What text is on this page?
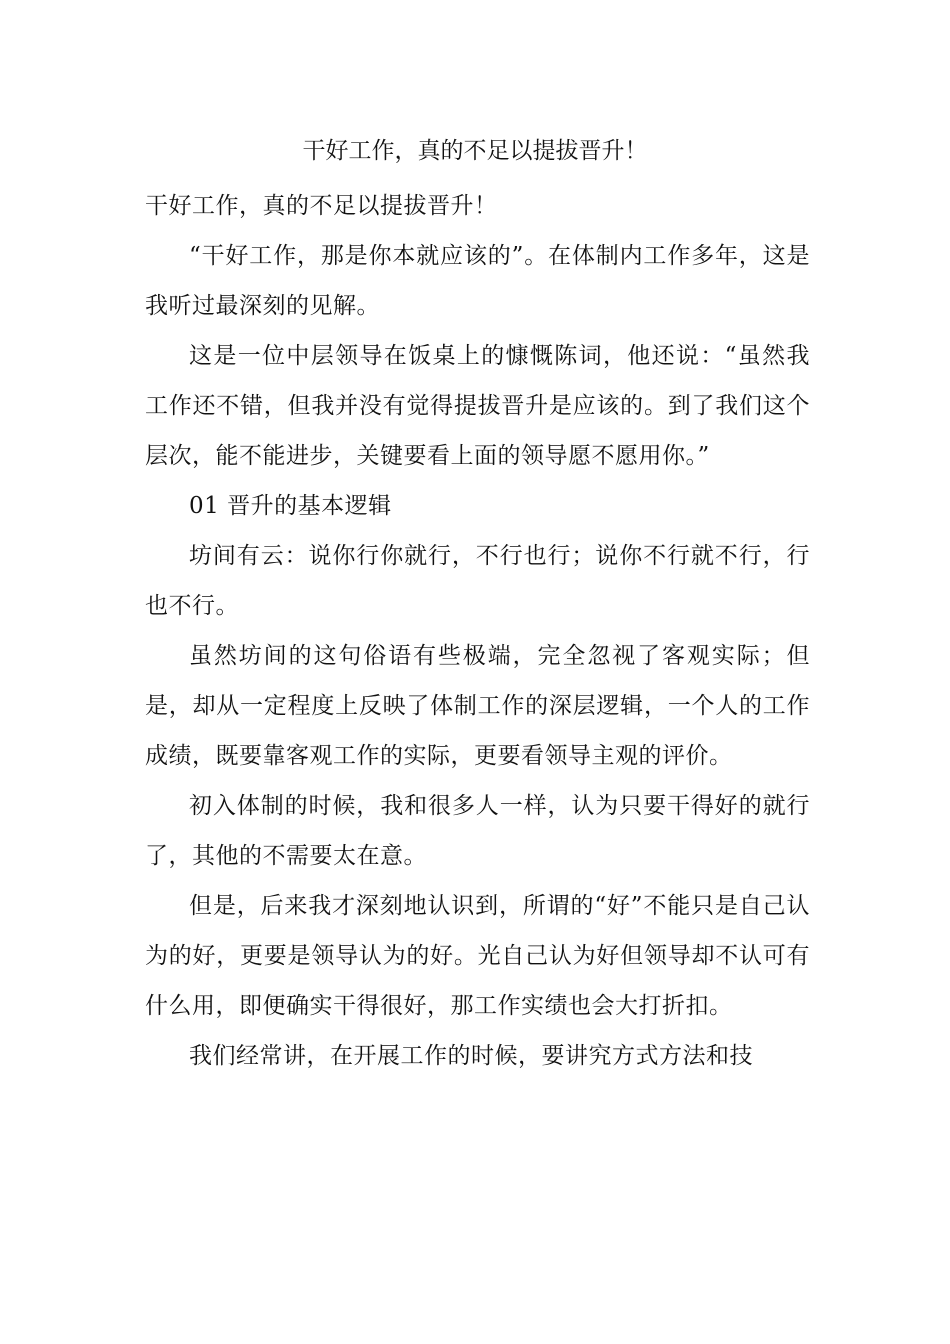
干好工作，真的不足以提拔晋升！

干好工作，真的不足以提拔晋升！

“干好工作，那是你本就应该的”。在体制内工作多年，这是我听过最深刻的见解。

这是一位中层领导在饭桌上的慷慨陈词，他还说：“虽然我工作还不错，但我并没有觉得提拔晋升是应该的。到了我们这个层次，能不能进步，关键要看上面的领导愿不愿用你。”

01 晋升的基本逻辑

坊间有云：说你行你就行，不行也行；说你不行就不行，行也不行。

虽然坊间的这句俗语有些极端，完全忽视了客观实际；但是，却从一定程度上反映了体制工作的深层逻辑，一个人的工作成绩，既要靠客观工作的实际，更要看领导主观的评价。

初入体制的时候，我和很多人一样，认为只要干得好的就行了，其他的不需要太在意。

但是，后来我才深刻地认识到，所谓的“好”不能只是自己认为的好，更要是领导认为的好。光自己认为好但领导却不认可有什么用，即便确实干得很好，那工作实绩也会大打折扣。

我们经常讲，在开展工作的时候，要讲究方式方法和技
